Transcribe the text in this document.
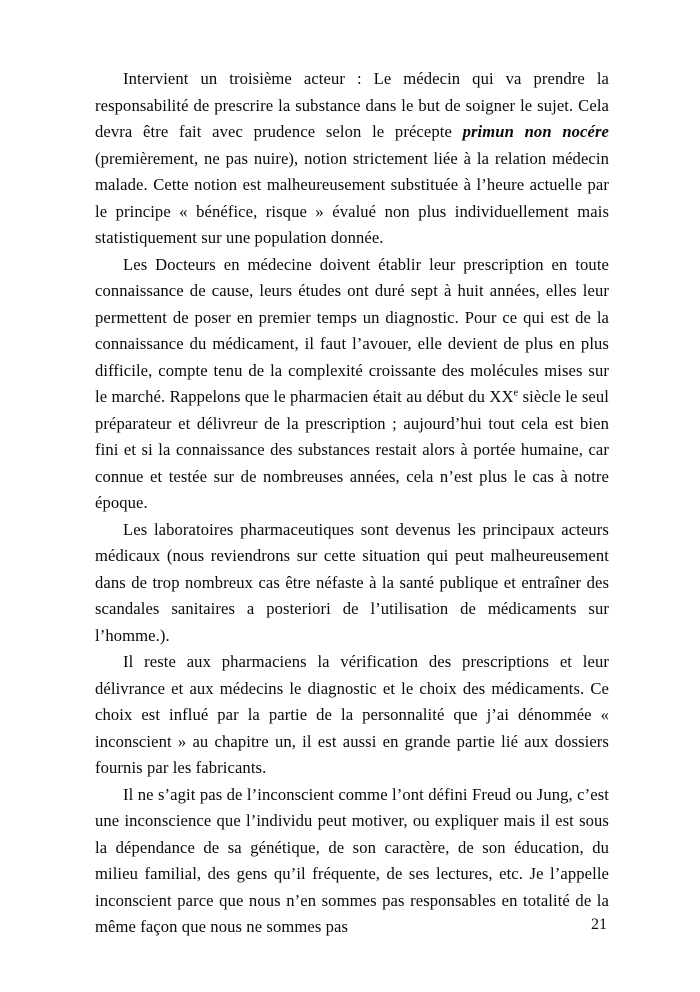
Intervient un troisième acteur : Le médecin qui va prendre la responsabilité de prescrire la substance dans le but de soigner le sujet. Cela devra être fait avec prudence selon le précepte primun non nocére (premièrement, ne pas nuire), notion strictement liée à la relation médecin malade. Cette notion est malheureusement substituée à l’heure actuelle par le principe « bénéfice, risque » évalué non plus individuellement mais statistiquement sur une population donnée.

Les Docteurs en médecine doivent établir leur prescription en toute connaissance de cause, leurs études ont duré sept à huit années, elles leur permettent de poser en premier temps un diagnostic. Pour ce qui est de la connaissance du médicament, il faut l’avouer, elle devient de plus en plus difficile, compte tenu de la complexité croissante des molécules mises sur le marché. Rappelons que le pharmacien était au début du XXe siècle le seul préparateur et délivreur de la prescription ; aujourd’hui tout cela est bien fini et si la connaissance des substances restait alors à portée humaine, car connue et testée sur de nombreuses années, cela n’est plus le cas à notre époque.

Les laboratoires pharmaceutiques sont devenus les principaux acteurs médicaux (nous reviendrons sur cette situation qui peut malheureusement dans de trop nombreux cas être néfaste à la santé publique et entraîner des scandales sanitaires a posteriori de l’utilisation de médicaments sur l’homme.).

Il reste aux pharmaciens la vérification des prescriptions et leur délivrance et aux médecins le diagnostic et le choix des médicaments. Ce choix est influé par la partie de la personnalité que j’ai dénommée « inconscient » au chapitre un, il est aussi en grande partie lié aux dossiers fournis par les fabricants.

Il ne s’agit pas de l’inconscient comme l’ont défini Freud ou Jung, c’est une inconscience que l’individu peut motiver, ou expliquer mais il est sous la dépendance de sa génétique, de son caractère, de son éducation, du milieu familial, des gens qu’il fréquente, de ses lectures, etc. Je l’appelle inconscient parce que nous n’en sommes pas responsables en totalité de la même façon que nous ne sommes pas	21
